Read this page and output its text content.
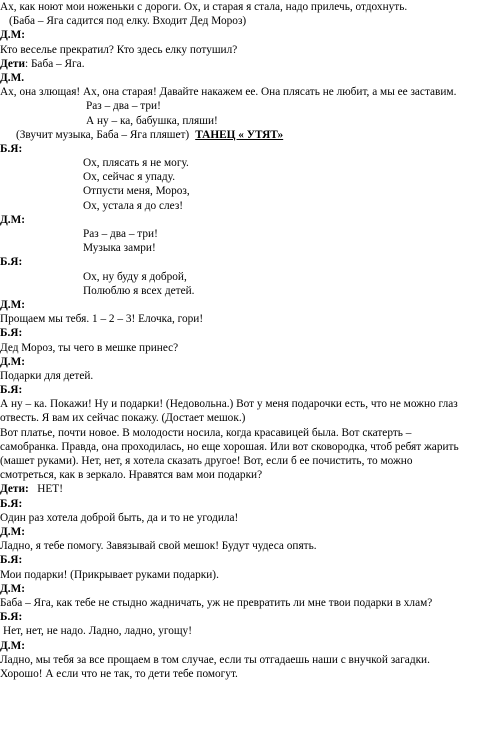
Ах, как ноют мои ноженьки с дороги. Ох, и старая я стала, надо прилечь, отдохнуть.
(Баба – Яга садится под елку. Входит Дед Мороз)
Д.М:
Кто веселье прекратил? Кто здесь елку потушил?
Дети: Баба – Яга.
Д.М.
Ах, она злющая! Ах, она старая! Давайте накажем ее. Она плясать не любит, а мы ее заставим.
Раз – два – три!
А ну – ка, бабушка, пляши!
(Звучит музыка, Баба – Яга пляшет) ТАНЕЦ « УТЯТ»
Б.Я:
Ох, плясать я не могу.
Ох, сейчас я упаду.
Отпусти меня, Мороз,
Ох, устала я до слез!
Д.М:
Раз – два – три!
Музыка замри!
Б.Я:
Ох, ну буду я доброй,
Полюблю я всех детей.
Д.М:
Прощаем мы тебя. 1 – 2 – 3! Елочка, гори!
Б.Я:
Дед Мороз, ты чего в мешке принес?
Д.М:
Подарки для детей.
Б.Я:
А ну – ка. Покажи! Ну и подарки! (Недовольна.) Вот у меня подарочки есть, что не можно глаз отвесть. Я вам их сейчас покажу. (Достает мешок.)
Вот платье, почти новое. В молодости носила, когда красавицей была. Вот скатерть – самобранка. Правда, она проходилась, но еще хорошая. Или вот сковородка, чтоб ребят жарить (машет руками). Нет, нет, я хотела сказать другое! Вот, если б ее почистить, то можно смотреться, как в зеркало. Нравятся вам мои подарки?
Дети: НЕТ!
Б.Я:
Один раз хотела доброй быть, да и то не угодила!
Д.М:
Ладно, я тебе помогу. Завязывай свой мешок! Будут чудеса опять.
Б.Я:
Мои подарки! (Прикрывает руками подарки).
Д.М:
Баба – Яга, как тебе не стыдно жадничать, уж не превратить ли мне твои подарки в хлам?
Б.Я:
Нет, нет, не надо. Ладно, ладно, угощу!
Д.М:
Ладно, мы тебя за все прощаем в том случае, если ты отгадаешь наши с внучкой загадки. Хорошо! А если что не так, то дети тебе помогут.
